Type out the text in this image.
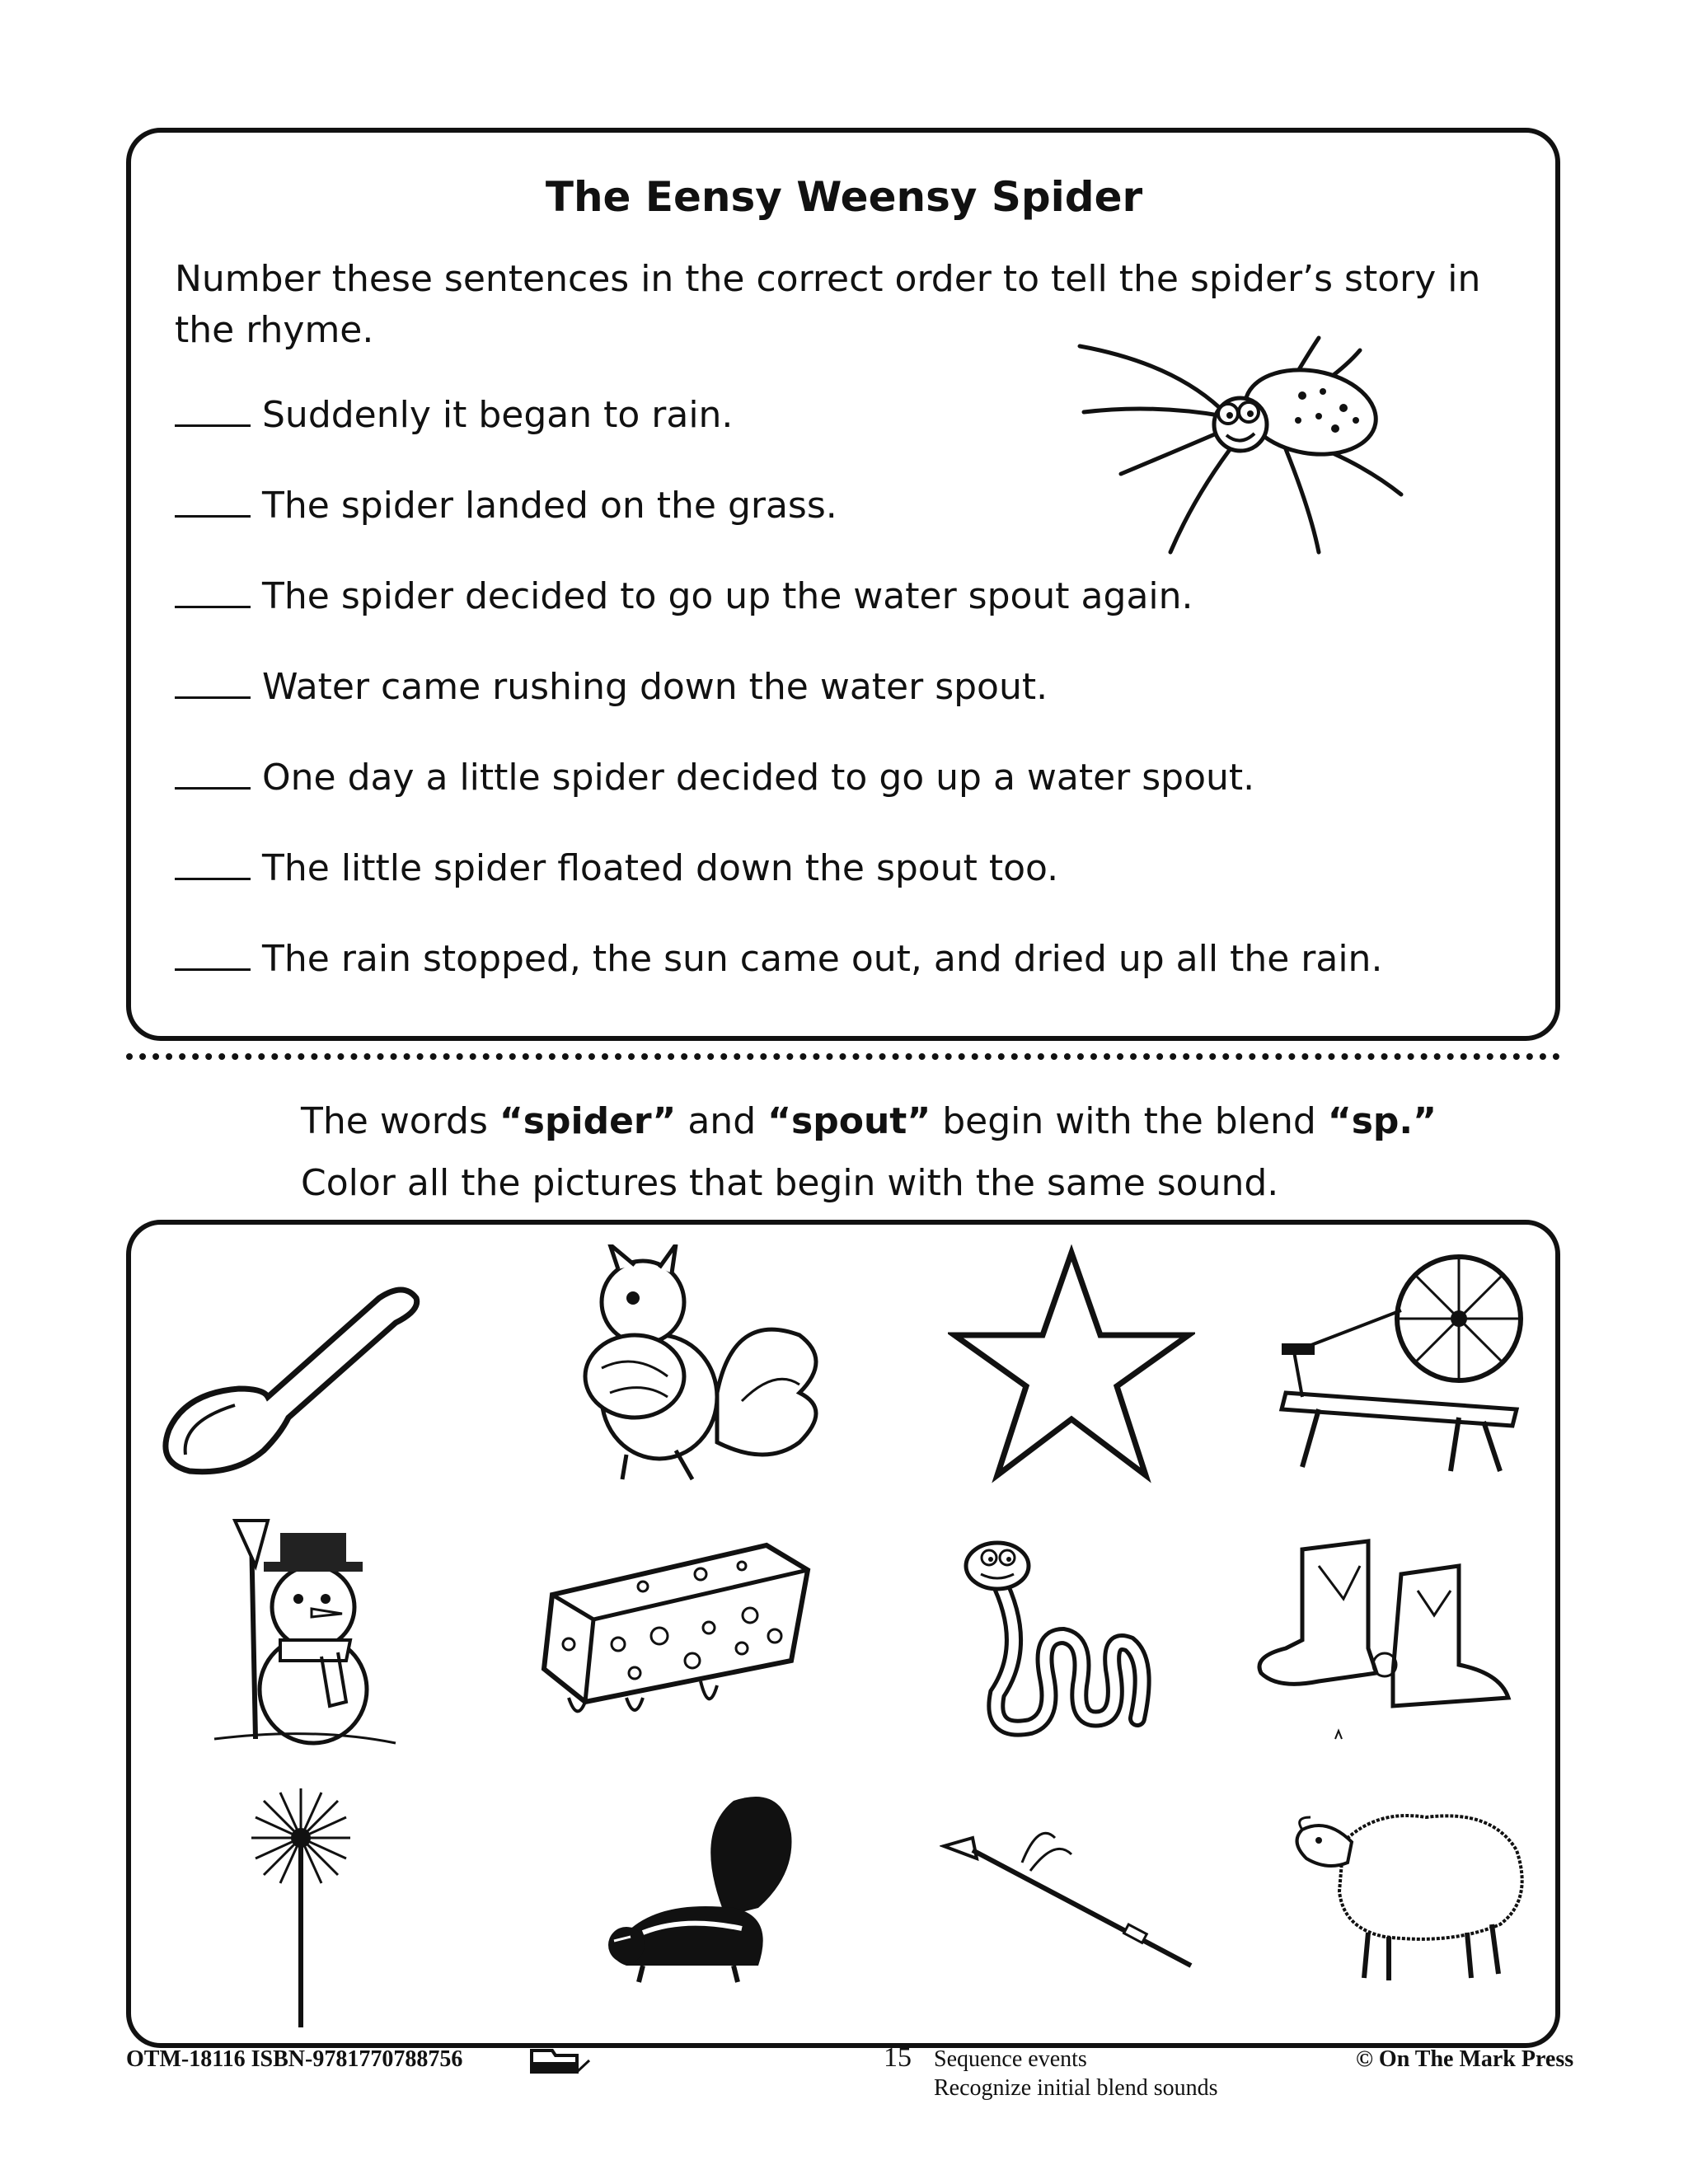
The Eensy Weensy Spider
Number these sentences in the correct order to tell the spider’s story in the rhyme.
Suddenly it began to rain.
The spider landed on the grass.
The spider decided to go up the water spout again.
Water came rushing down the water spout.
One day a little spider decided to go up a water spout.
The little spider floated down the spout too.
The rain stopped, the sun came out, and dried up all the rain.
The words “spider” and “spout” begin with the blend “sp.”
Color all the pictures that begin with the same sound.
OTM-18116 ISBN-9781770788756	15 Sequence events
Recognize initial blend sounds
© On The Mark Press
